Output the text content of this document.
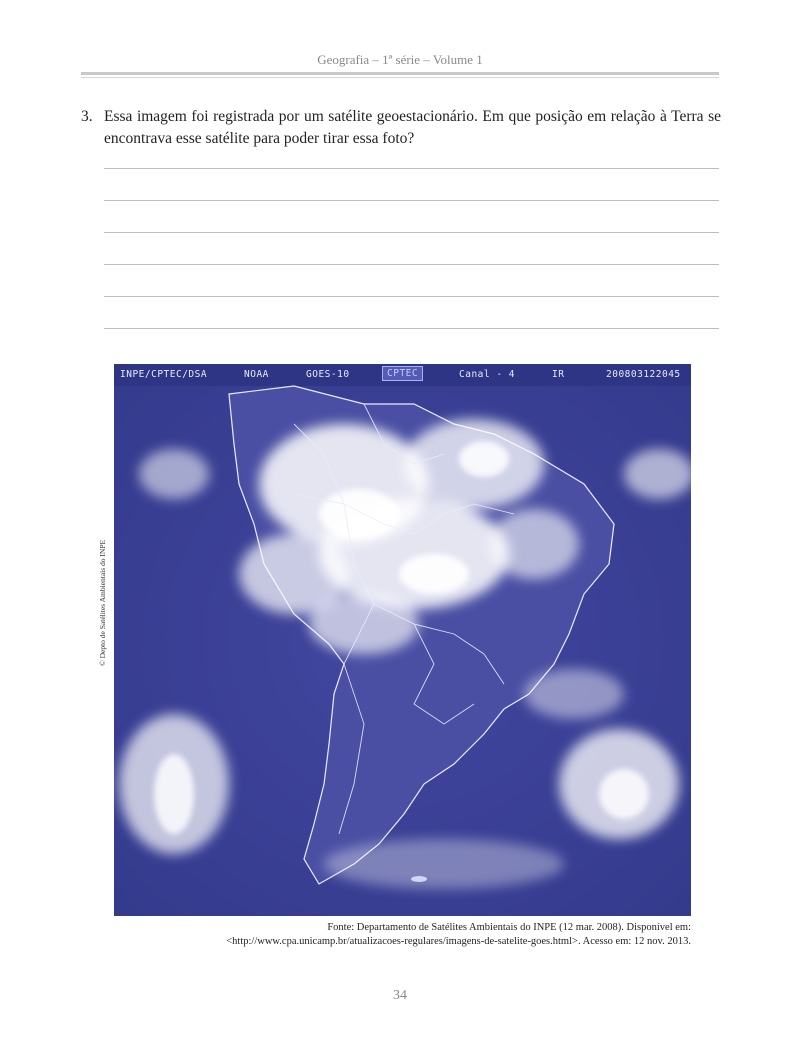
Geografia – 1ª série – Volume 1
3. Essa imagem foi registrada por um satélite geoestacionário. Em que posição em relação à Terra se encontrava esse satélite para poder tirar essa foto?
© Depto de Satélites Ambientais do INPE
INPE/CPTEC/DSA	NOAA	GOES-10	CPTEC	Canal - 4	IR	200803122045
Fonte: Departamento de Satélites Ambientais do INPE (12 mar. 2008). Disponível em:
<http://www.cpa.unicamp.br/atualizacoes-regulares/imagens-de-satelite-goes.html>. Acesso em: 12 nov. 2013.
34
